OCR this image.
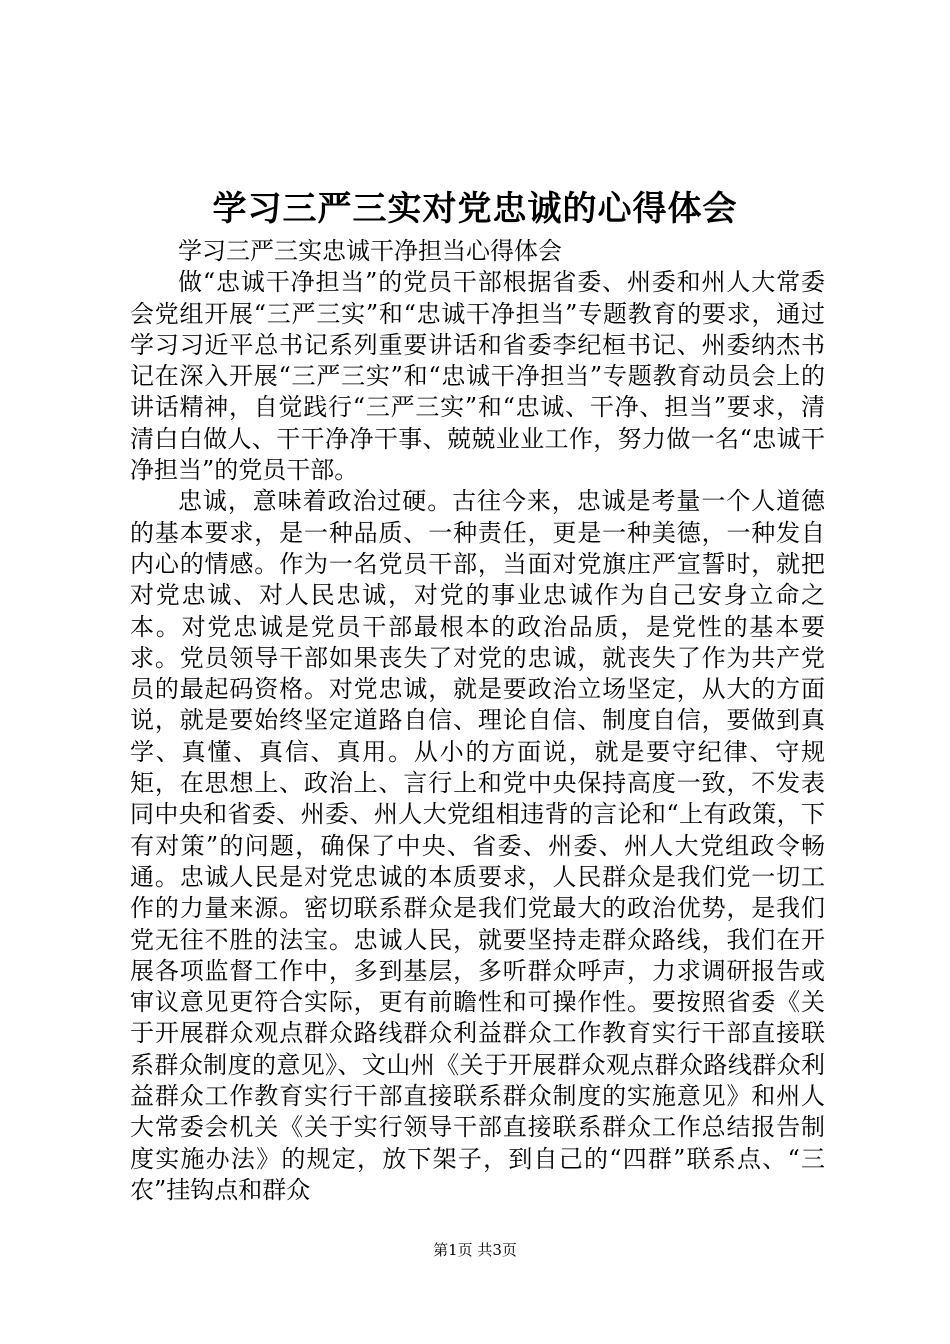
学习三严三实对党忠诚的心得体会

学习三严三实忠诚干净担当心得体会

做“忠诚干净担当”的党员干部根据省委、州委和州人大常委会党组开展“三严三实”和“忠诚干净担当”专题教育的要求，通过学习习近平总书记系列重要讲话和省委李纪桓书记、州委纳杰书记在深入开展“三严三实”和“忠诚干净担当”专题教育动员会上的讲话精神，自觉践行“三严三实”和“忠诚、干净、担当”要求，清清白白做人、干干净净干事、兢兢业业工作，努力做一名“忠诚干净担当”的党员干部。

忠诚，意味着政治过硬。古往今来，忠诚是考量一个人道德的基本要求，是一种品质、一种责任，更是一种美德，一种发自内心的情感。作为一名党员干部，当面对党旗庄严宣誓时，就把对党忠诚、对人民忠诚，对党的事业忠诚作为自己安身立命之本。对党忠诚是党员干部最根本的政治品质，是党性的基本要求。党员领导干部如果丧失了对党的忠诚，就丧失了作为共产党员的最起码资格。对党忠诚，就是要政治立场坚定，从大的方面说，就是要始终坚定道路自信、理论自信、制度自信，要做到真学、真懂、真信、真用。从小的方面说，就是要守纪律、守规矩，在思想上、政治上、言行上和党中央保持高度一致，不发表同中央和省委、州委、州人大党组相违背的言论和“上有政策，下有对策”的问题，确保了中央、省委、州委、州人大党组政令畅通。忠诚人民是对党忠诚的本质要求，人民群众是我们党一切工作的力量来源。密切联系群众是我们党最大的政治优势，是我们党无往不胜的法宝。忠诚人民，就要坚持走群众路线，我们在开展各项监督工作中，多到基层，多听群众呼声，力求调研报告或审议意见更符合实际，更有前瞻性和可操作性。要按照省委《关于开展群众观点群众路线群众利益群众工作教育实行干部直接联系群众制度的意见》、文山州《关于开展群众观点群众路线群众利益群众工作教育实行干部直接联系群众制度的实施意见》和州人大常委会机关《关于实行领导干部直接联系群众工作总结报告制度实施办法》的规定，放下架子，到自己的“四群”联系点、“三农”挂钩点和群众

第1页 共3页
